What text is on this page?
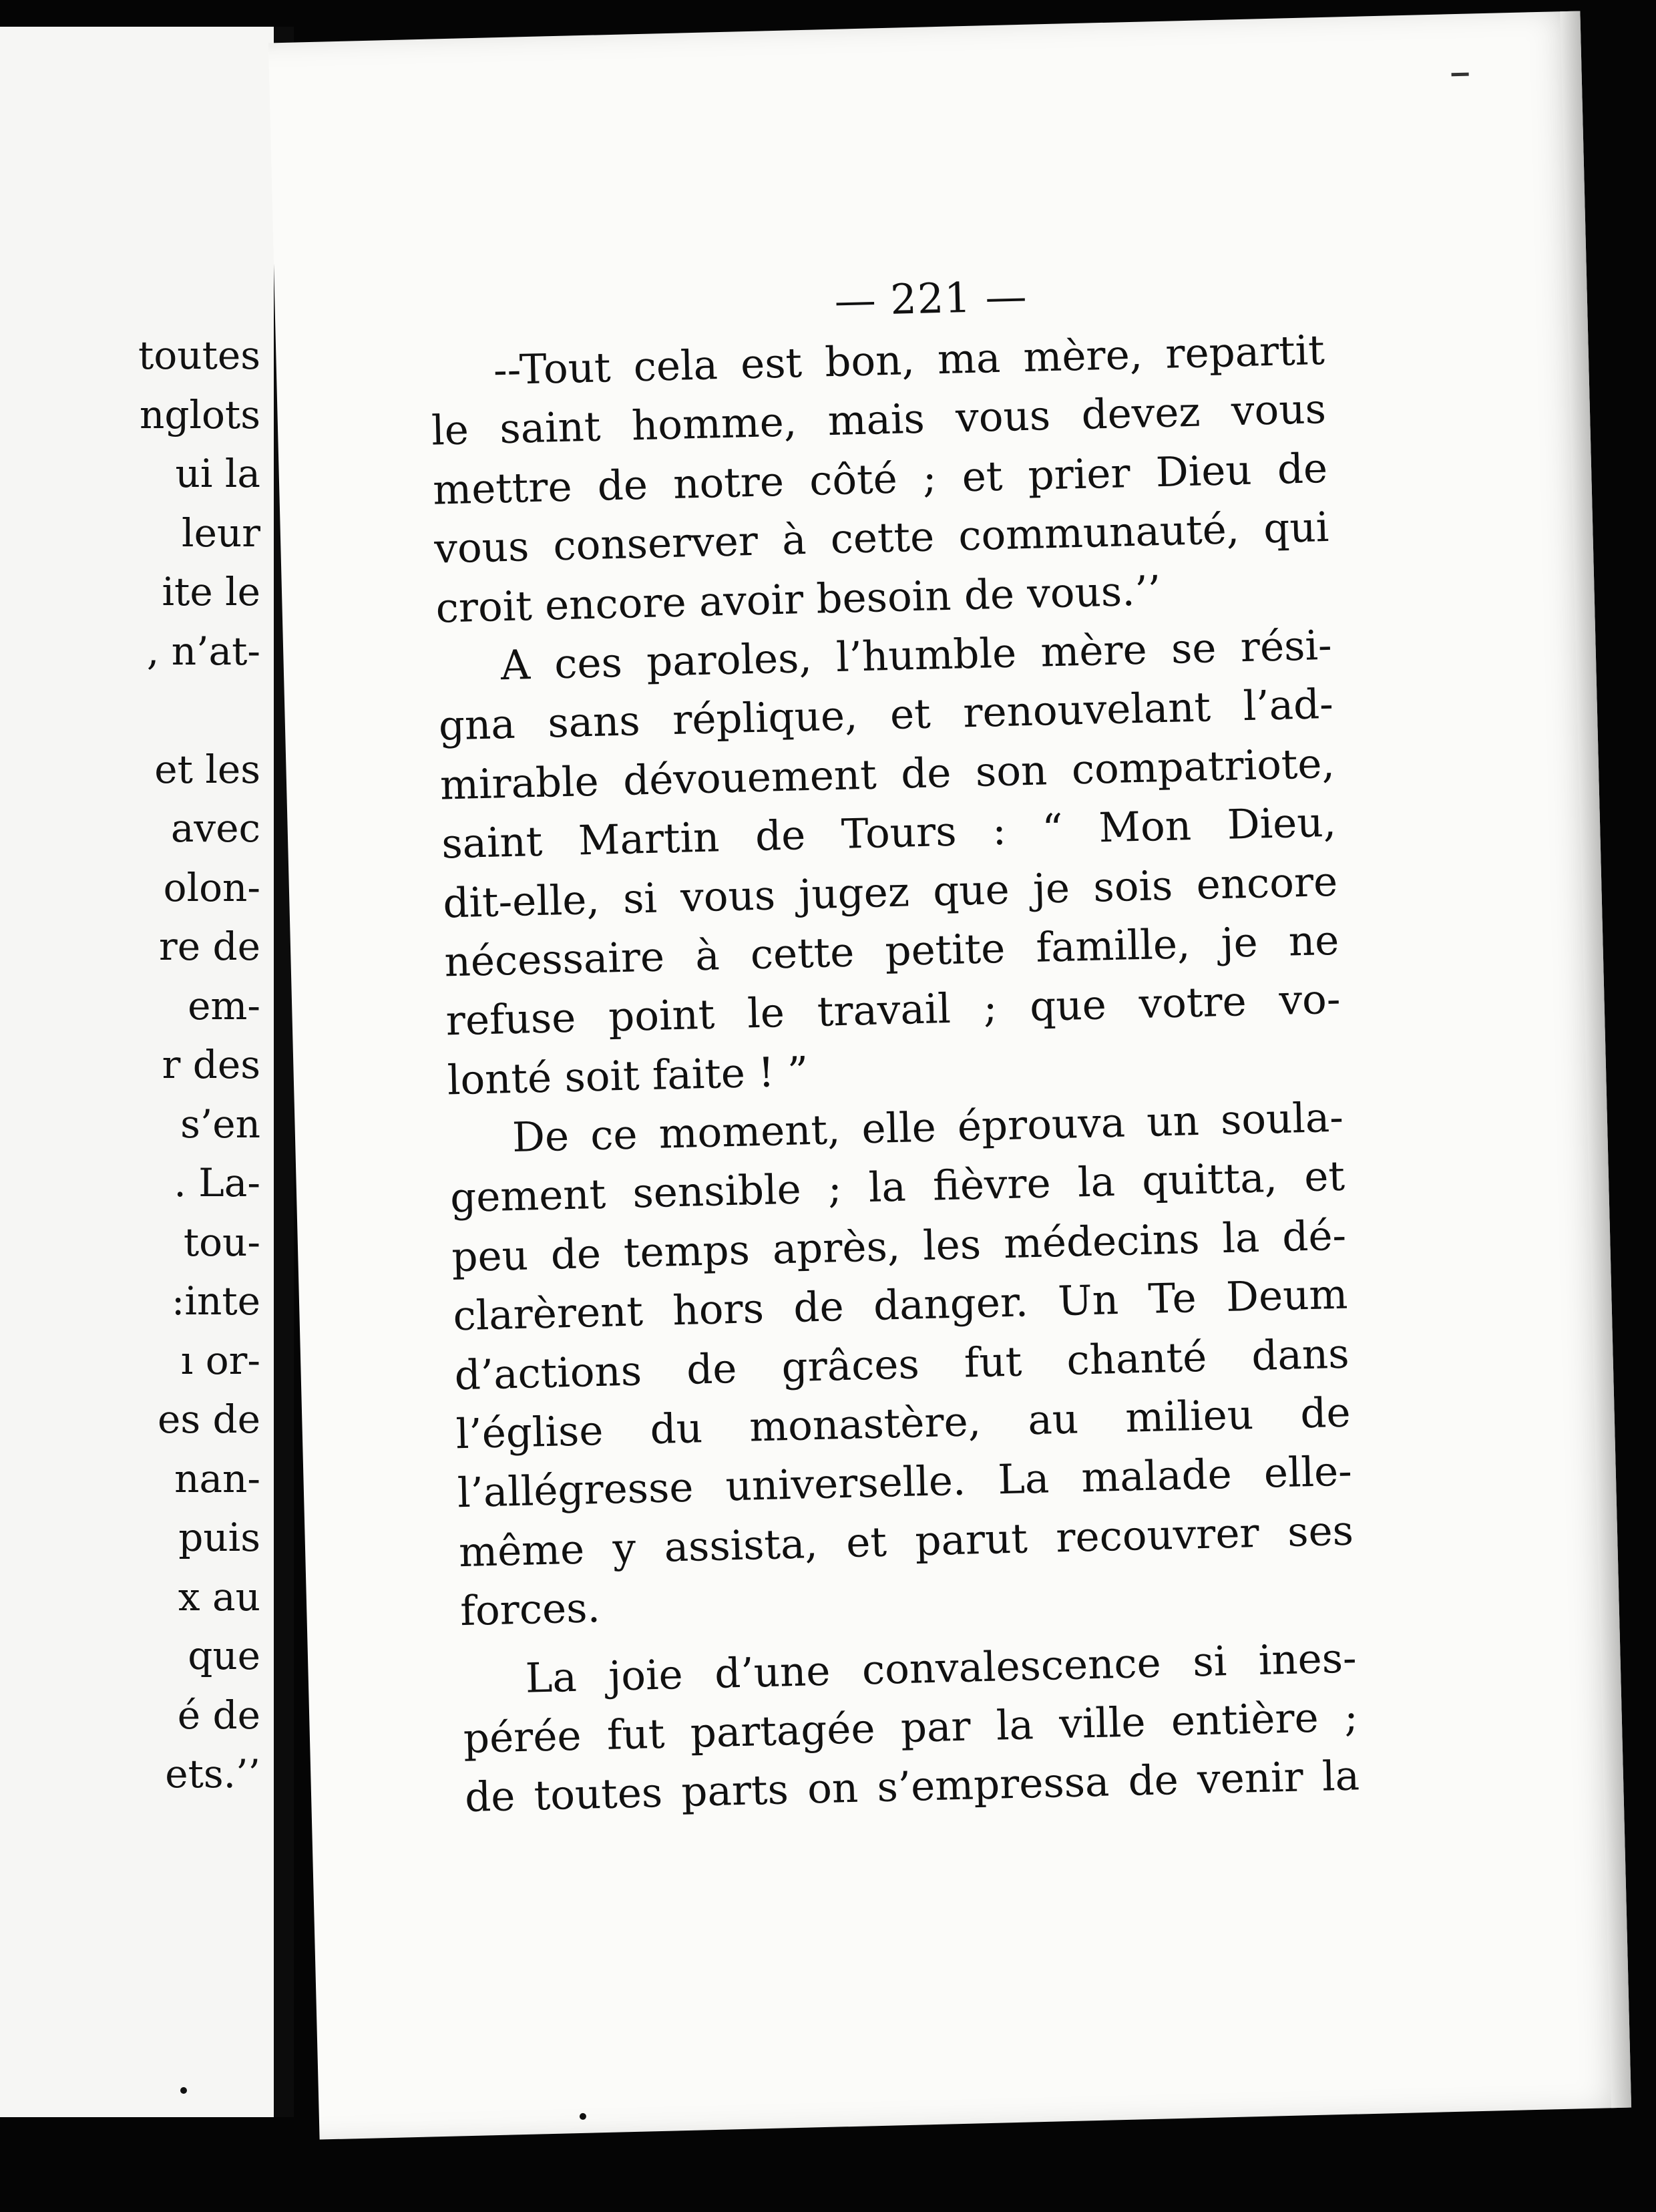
toutes
nglots
ui la
leur
ite le
, n’at-
et les
avec
olon-
re de
em-
r des
s’en
. La-
tou-
:inte
ı or-
es de
nan-
puis
x au
que
é de
ets.’’
— 221 —
--Tout cela est bon, ma mère, repartit
le saint homme, mais vous devez vous
mettre de notre côté ; et prier Dieu de
vous conserver à cette communauté, qui
croit encore avoir besoin de vous.’’
A ces paroles, l’humble mère se rési-
gna sans réplique, et renouvelant l’ad-
mirable dévouement de son compatriote,
saint Martin de Tours : “ Mon Dieu,
dit-elle, si vous jugez que je sois encore
nécessaire à cette petite famille, je ne
refuse point le travail ; que votre vo-
lonté soit faite ! ”
De ce moment, elle éprouva un soula-
gement sensible ; la fièvre la quitta, et
peu de temps après, les médecins la dé-
clarèrent hors de danger. Un Te Deum
d’actions de grâces fut chanté dans
l’église du monastère, au milieu de
l’allégresse universelle. La malade elle-
même y assista, et parut recouvrer ses
forces.
La joie d’une convalescence si ines-
pérée fut partagée par la ville entière ;
de toutes parts on s’empressa de venir la
